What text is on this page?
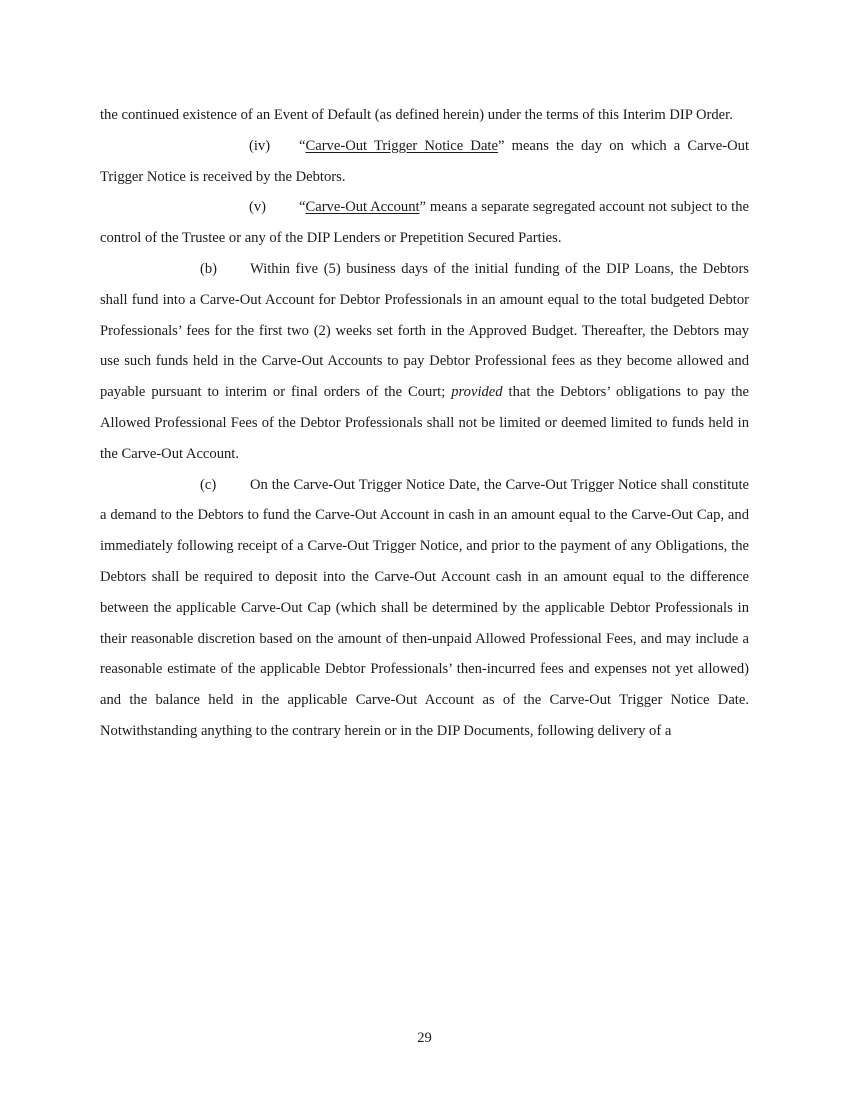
the continued existence of an Event of Default (as defined herein) under the terms of this Interim DIP Order.

(iv) “Carve-Out Trigger Notice Date” means the day on which a Carve-Out Trigger Notice is received by the Debtors.

(v) “Carve-Out Account” means a separate segregated account not subject to the control of the Trustee or any of the DIP Lenders or Prepetition Secured Parties.

(b) Within five (5) business days of the initial funding of the DIP Loans, the Debtors shall fund into a Carve-Out Account for Debtor Professionals in an amount equal to the total budgeted Debtor Professionals’ fees for the first two (2) weeks set forth in the Approved Budget. Thereafter, the Debtors may use such funds held in the Carve-Out Accounts to pay Debtor Professional fees as they become allowed and payable pursuant to interim or final orders of the Court; provided that the Debtors’ obligations to pay the Allowed Professional Fees of the Debtor Professionals shall not be limited or deemed limited to funds held in the Carve-Out Account.

(c) On the Carve-Out Trigger Notice Date, the Carve-Out Trigger Notice shall constitute a demand to the Debtors to fund the Carve-Out Account in cash in an amount equal to the Carve-Out Cap, and immediately following receipt of a Carve-Out Trigger Notice, and prior to the payment of any Obligations, the Debtors shall be required to deposit into the Carve-Out Account cash in an amount equal to the difference between the applicable Carve-Out Cap (which shall be determined by the applicable Debtor Professionals in their reasonable discretion based on the amount of then-unpaid Allowed Professional Fees, and may include a reasonable estimate of the applicable Debtor Professionals’ then-incurred fees and expenses not yet allowed) and the balance held in the applicable Carve-Out Account as of the Carve-Out Trigger Notice Date. Notwithstanding anything to the contrary herein or in the DIP Documents, following delivery of a

29
